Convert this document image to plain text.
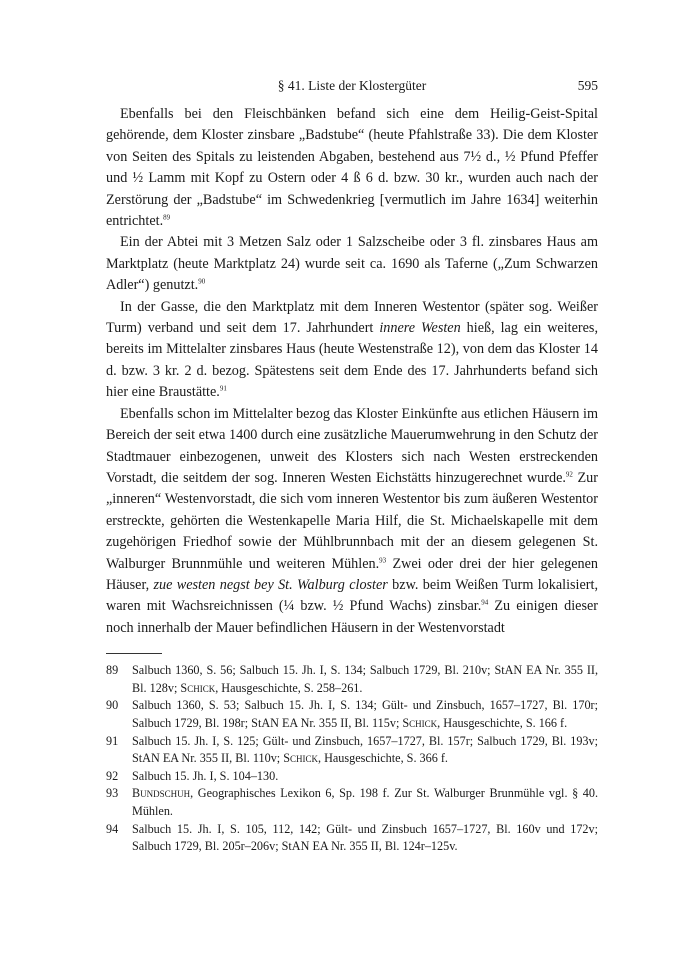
§ 41. Liste der Klostergüter	595

Ebenfalls bei den Fleischbänken befand sich eine dem Heilig-Geist-Spital gehörende, dem Kloster zinsbare „Badstube“ (heute Pfahlstraße 33). Die dem Kloster von Seiten des Spitals zu leistenden Abgaben, bestehend aus 7½ d., ½ Pfund Pfeffer und ½ Lamm mit Kopf zu Ostern oder 4 ß 6 d. bzw. 30 kr., wurden auch nach der Zerstörung der „Badstube“ im Schwedenkrieg [vermutlich im Jahre 1634] weiterhin entrichtet.$^{89}$

Ein der Abtei mit 3 Metzen Salz oder 1 Salzscheibe oder 3 fl. zinsbares Haus am Marktplatz (heute Marktplatz 24) wurde seit ca. 1690 als Taferne („Zum Schwarzen Adler“) genutzt.$^{90}$

In der Gasse, die den Marktplatz mit dem Inneren Westentor (später sog. Weißer Turm) verband und seit dem 17. Jahrhundert innere Westen hieß, lag ein weiteres, bereits im Mittelalter zinsbares Haus (heute Westenstraße 12), von dem das Kloster 14 d. bzw. 3 kr. 2 d. bezog. Spätestens seit dem Ende des 17. Jahrhunderts befand sich hier eine Braustätte.$^{91}$

Ebenfalls schon im Mittelalter bezog das Kloster Einkünfte aus etlichen Häusern im Bereich der seit etwa 1400 durch eine zusätzliche Mauerumwehrung in den Schutz der Stadtmauer einbezogenen, unweit des Klosters sich nach Westen erstreckenden Vorstadt, die seitdem der sog. Inneren Westen Eichstätts hinzugerechnet wurde.$^{92}$ Zur „inneren“ Westenvorstadt, die sich vom inneren Westentor bis zum äußeren Westentor erstreckte, gehörten die Westenkapelle Maria Hilf, die St. Michaelskapelle mit dem zugehörigen Friedhof sowie der Mühlbrunnbach mit der an diesem gelegenen St. Walburger Brunnmühle und weiteren Mühlen.$^{93}$ Zwei oder drei der hier gelegenen Häuser, zue westen negst bey St. Walburg closter bzw. beim Weißen Turm lokalisiert, waren mit Wachsreichnissen (¼ bzw. ½ Pfund Wachs) zinsbar.$^{94}$ Zu einigen dieser noch innerhalb der Mauer befindlichen Häusern in der Westenvorstadt

89	Salbuch 1360, S. 56; Salbuch 15. Jh. I, S. 134; Salbuch 1729, Bl. 210v; StAN EA Nr. 355 II, Bl. 128v; Schick, Hausgeschichte, S. 258–261.
90	Salbuch 1360, S. 53; Salbuch 15. Jh. I, S. 134; Gült- und Zinsbuch, 1657–1727, Bl. 170r; Salbuch 1729, Bl. 198r; StAN EA Nr. 355 II, Bl. 115v; Schick, Hausgeschichte, S. 166 f.
91	Salbuch 15. Jh. I, S. 125; Gült- und Zinsbuch, 1657–1727, Bl. 157r; Salbuch 1729, Bl. 193v; StAN EA Nr. 355 II, Bl. 110v; Schick, Hausgeschichte, S. 366 f.
92	Salbuch 15. Jh. I, S. 104–130.
93	Bundschuh, Geographisches Lexikon 6, Sp. 198 f. Zur St. Walburger Brunmühle vgl. § 40. Mühlen.
94	Salbuch 15. Jh. I, S. 105, 112, 142; Gült- und Zinsbuch 1657–1727, Bl. 160v und 172v; Salbuch 1729, Bl. 205r–206v; StAN EA Nr. 355 II, Bl. 124r–125v.
